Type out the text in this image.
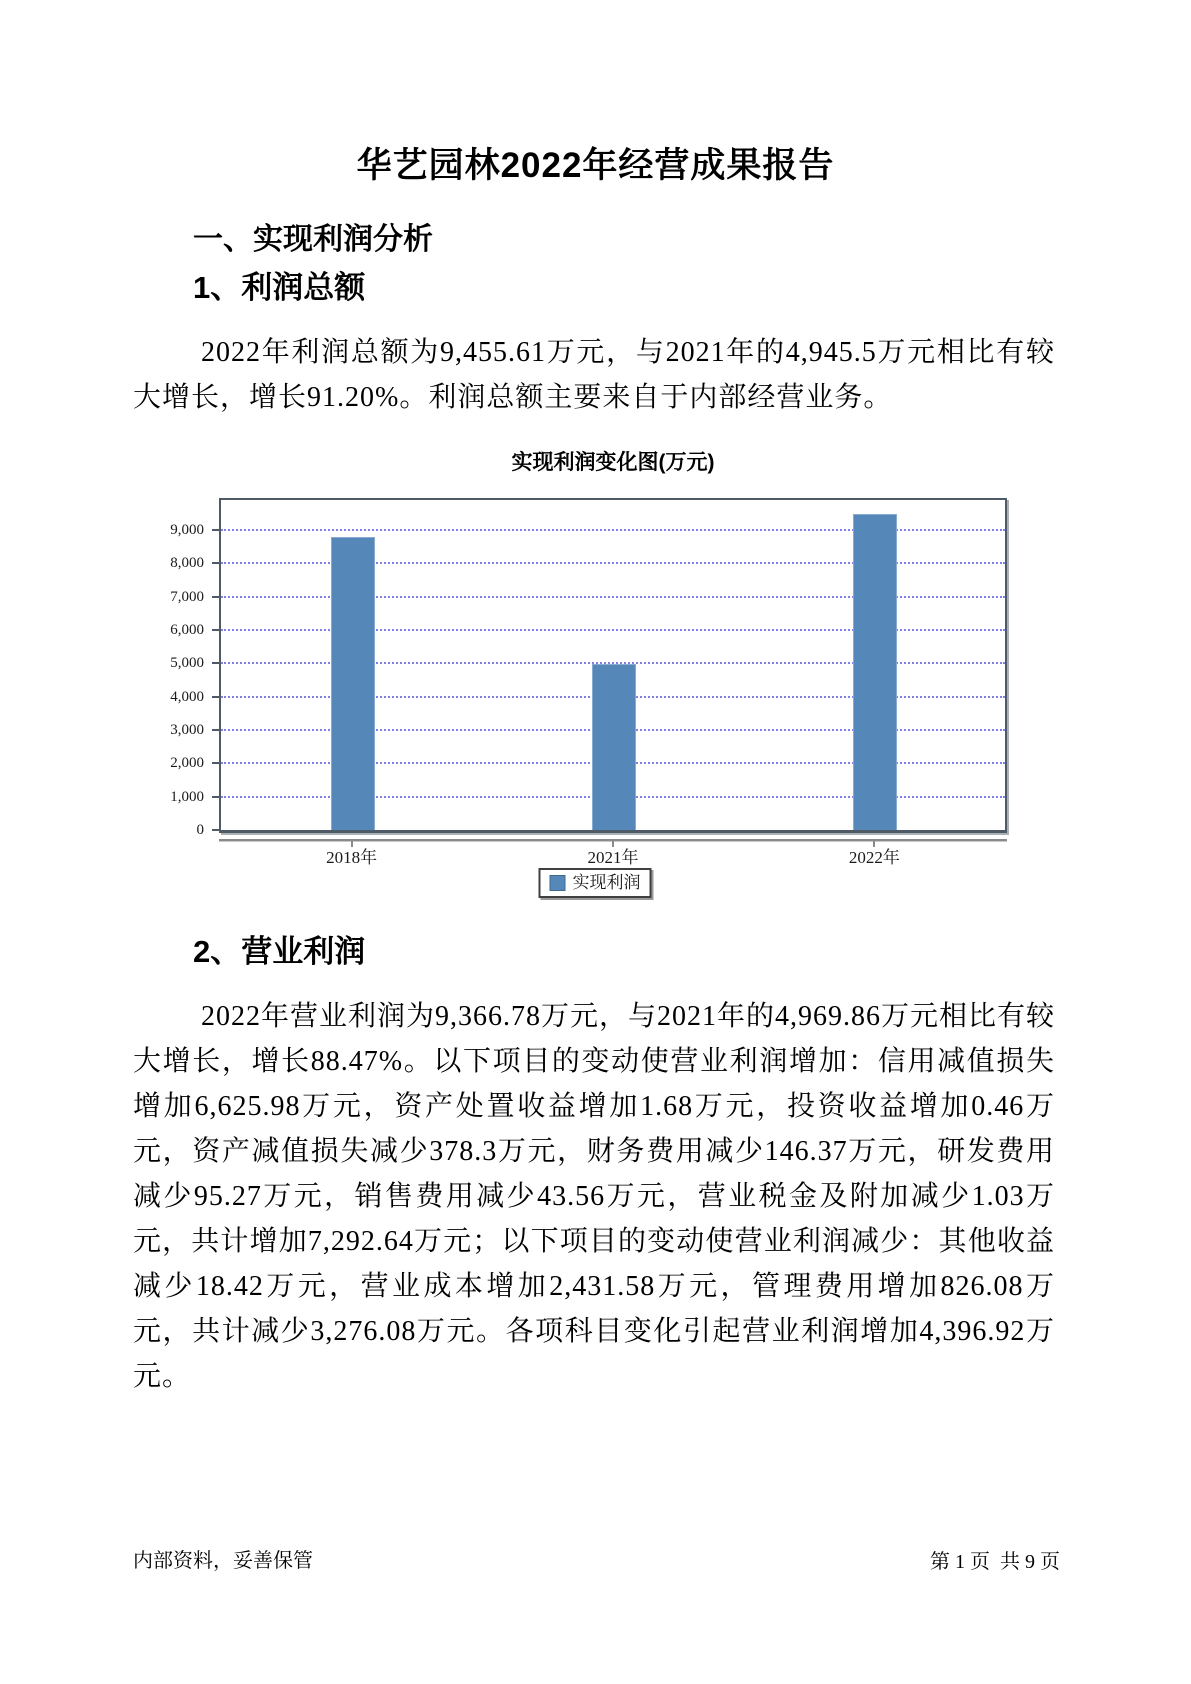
华艺园林2022年经营成果报告
一、实现利润分析
1、利润总额
2022年利润总额为9,455.61万元，与2021年的4,945.5万元相比有较大增长，增长91.20%。利润总额主要来自于内部经营业务。
实现利润变化图(万元)
0
1,000
2,000
3,000
4,000
5,000
6,000
7,000
8,000
9,000
2018年	2021年	2022年
实现利润
2、营业利润
2022年营业利润为9,366.78万元，与2021年的4,969.86万元相比有较大增长，增长88.47%。以下项目的变动使营业利润增加：信用减值损失增加6,625.98万元，资产处置收益增加1.68万元，投资收益增加0.46万元，资产减值损失减少378.3万元，财务费用减少146.37万元，研发费用减少95.27万元，销售费用减少43.56万元，营业税金及附加减少1.03万元，共计增加7,292.64万元；以下项目的变动使营业利润减少：其他收益减少18.42万元，营业成本增加2,431.58万元，管理费用增加826.08万元，共计减少3,276.08万元。各项科目变化引起营业利润增加4,396.92万元。
内部资料，妥善保管	第 1 页  共 9 页
